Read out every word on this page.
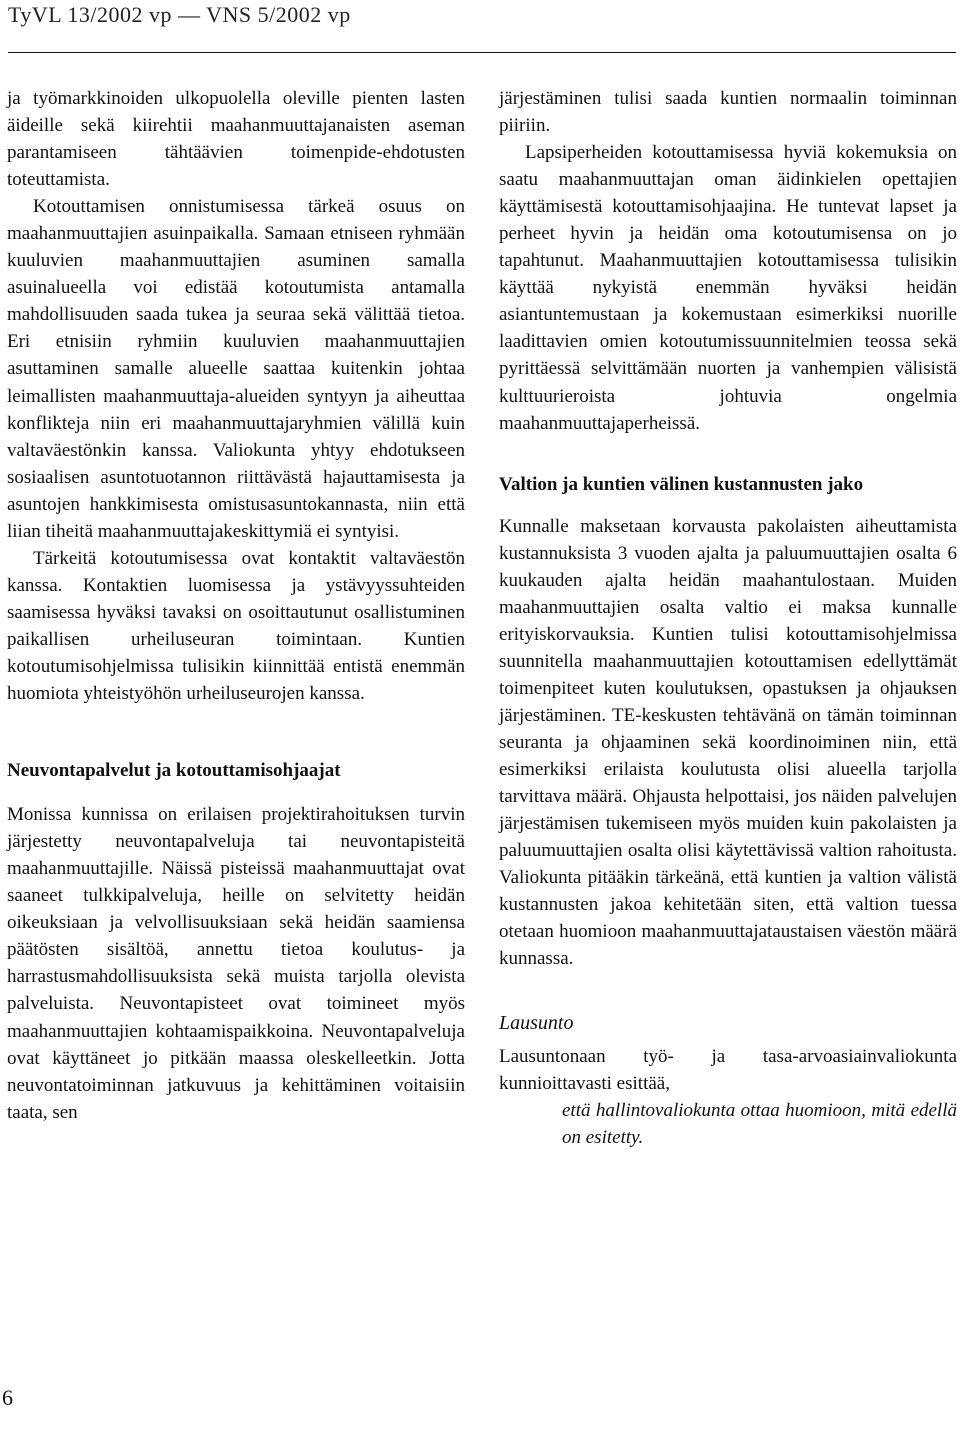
TyVL 13/2002 vp — VNS 5/2002 vp

ja työmarkkinoiden ulkopuolella oleville pienten lasten äideille sekä kiirehtii maahanmuuttajanaisten aseman parantamiseen tähtäävien toimenpide-ehdotusten toteuttamista.

Kotouttamisen onnistumisessa tärkeä osuus on maahanmuuttajien asuinpaikalla. Samaan etniseen ryhmään kuuluvien maahanmuuttajien asuminen samalla asuinalueella voi edistää kotoutumista antamalla mahdollisuuden saada tukea ja seuraa sekä välittää tietoa. Eri etnisiin ryhmiin kuuluvien maahanmuuttajien asuttaminen samalle alueelle saattaa kuitenkin johtaa leimallisten maahanmuuttaja-alueiden syntyyn ja aiheuttaa konflikteja niin eri maahanmuuttajaryhmien välillä kuin valtaväestönkin kanssa. Valiokunta yhtyy ehdotukseen sosiaalisen asuntotuotannon riittävästä hajauttamisesta ja asuntojen hankkimisesta omistusasuntokannasta, niin että liian tiheitä maahanmuuttajakeskittymiä ei syntyisi.

Tärkeitä kotoutumisessa ovat kontaktit valtaväestön kanssa. Kontaktien luomisessa ja ystävyyssuhteiden saamisessa hyväksi tavaksi on osoittautunut osallistuminen paikallisen urheiluseuran toimintaan. Kuntien kotoutumisohjelmissa tulisikin kiinnittää entistä enemmän huomiota yhteistyöhön urheiluseurojen kanssa.

Neuvontapalvelut ja kotouttamisohjaajat

Monissa kunnissa on erilaisen projektirahoituksen turvin järjestetty neuvontapalveluja tai neuvontapisteitä maahanmuuttajille. Näissä pisteissä maahanmuuttajat ovat saaneet tulkkipalveluja, heille on selvitetty heidän oikeuksiaan ja velvollisuuksiaan sekä heidän saamiensa päätösten sisältöä, annettu tietoa koulutus- ja harrastusmahdollisuuksista sekä muista tarjolla olevista palveluista. Neuvontapisteet ovat toimineet myös maahanmuuttajien kohtaamispaikkoina. Neuvontapalveluja ovat käyttäneet jo pitkään maassa oleskelleetkin. Jotta neuvontatoiminnan jatkuvuus ja kehittäminen voitaisiin taata, sen

järjestäminen tulisi saada kuntien normaalin toiminnan piiriin.

Lapsiperheiden kotouttamisessa hyviä kokemuksia on saatu maahanmuuttajan oman äidinkielen opettajien käyttämisestä kotouttamisohjaajina. He tuntevat lapset ja perheet hyvin ja heidän oma kotoutumisensa on jo tapahtunut. Maahanmuuttajien kotouttamisessa tulisikin käyttää nykyistä enemmän hyväksi heidän asiantuntemustaan ja kokemustaan esimerkiksi nuorille laadittavien omien kotoutumissuunnitelmien teossa sekä pyrittäessä selvittämään nuorten ja vanhempien välisistä kulttuurieroista johtuvia ongelmia maahanmuuttajaperheissä.

Valtion ja kuntien välinen kustannusten jako

Kunnalle maksetaan korvausta pakolaisten aiheuttamista kustannuksista 3 vuoden ajalta ja paluumuuttajien osalta 6 kuukauden ajalta heidän maahantulostaan. Muiden maahanmuuttajien osalta valtio ei maksa kunnalle erityiskorvauksia. Kuntien tulisi kotouttamisohjelmissa suunnitella maahanmuuttajien kotouttamisen edellyttämät toimenpiteet kuten koulutuksen, opastuksen ja ohjauksen järjestäminen. TE-keskusten tehtävänä on tämän toiminnan seuranta ja ohjaaminen sekä koordinoiminen niin, että esimerkiksi erilaista koulutusta olisi alueella tarjolla tarvittava määrä. Ohjausta helpottaisi, jos näiden palvelujen järjestämisen tukemiseen myös muiden kuin pakolaisten ja paluumuuttajien osalta olisi käytettävissä valtion rahoitusta. Valiokunta pitääkin tärkeänä, että kuntien ja valtion välistä kustannusten jakoa kehitetään siten, että valtion tuessa otetaan huomioon maahanmuuttajataustaisen väestön määrä kunnassa.

Lausunto

Lausuntonaan työ- ja tasa-arvoasiainvaliokunta kunnioittavasti esittää,

että hallintovaliokunta ottaa huomioon, mitä edellä on esitetty.

6
